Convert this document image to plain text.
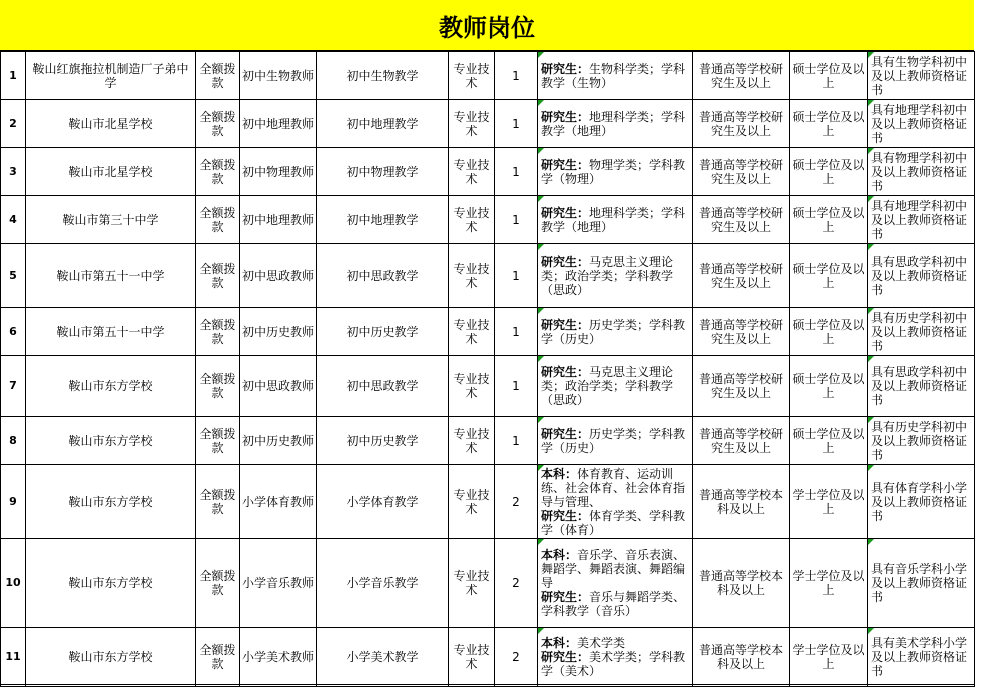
教师岗位
1	鞍山红旗拖拉机制造厂子弟中学	全额拨款	初中生物教师	初中生物教学	专业技术	1	研究生：生物科学类；学科教学（生物）	普通高等学校研究生及以上	硕士学位及以上	具有生物学科初中及以上教师资格证书
2	鞍山市北星学校	全额拨款	初中地理教师	初中地理教学	专业技术	1	研究生：地理科学类；学科教学（地理）	普通高等学校研究生及以上	硕士学位及以上	具有地理学科初中及以上教师资格证书
3	鞍山市北星学校	全额拨款	初中物理教师	初中物理教学	专业技术	1	研究生：物理学类；学科教学（物理）	普通高等学校研究生及以上	硕士学位及以上	具有物理学科初中及以上教师资格证书
4	鞍山市第三十中学	全额拨款	初中地理教师	初中地理教学	专业技术	1	研究生：地理科学类；学科教学（地理）	普通高等学校研究生及以上	硕士学位及以上	具有地理学科初中及以上教师资格证书
5	鞍山市第五十一中学	全额拨款	初中思政教师	初中思政教学	专业技术	1	研究生：马克思主义理论类；政治学类；学科教学（思政）	普通高等学校研究生及以上	硕士学位及以上	具有思政学科初中及以上教师资格证书
6	鞍山市第五十一中学	全额拨款	初中历史教师	初中历史教学	专业技术	1	研究生：历史学类；学科教学（历史）	普通高等学校研究生及以上	硕士学位及以上	具有历史学科初中及以上教师资格证书
7	鞍山市东方学校	全额拨款	初中思政教师	初中思政教学	专业技术	1	研究生：马克思主义理论类；政治学类；学科教学（思政）	普通高等学校研究生及以上	硕士学位及以上	具有思政学科初中及以上教师资格证书
8	鞍山市东方学校	全额拨款	初中历史教师	初中历史教学	专业技术	1	研究生：历史学类；学科教学（历史）	普通高等学校研究生及以上	硕士学位及以上	具有历史学科初中及以上教师资格证书
9	鞍山市东方学校	全额拨款	小学体育教师	小学体育教学	专业技术	2	本科：体育教育、运动训练、社会体育、社会体育指导与管理、
研究生：体育学类、学科教学（体育）	普通高等学校本科及以上	学士学位及以上	具有体育学科小学及以上教师资格证书
10	鞍山市东方学校	全额拨款	小学音乐教师	小学音乐教学	专业技术	2	本科：音乐学、音乐表演、舞蹈学、舞蹈表演、舞蹈编导
研究生：音乐与舞蹈学类、学科教学（音乐）	普通高等学校本科及以上	学士学位及以上	具有音乐学科小学及以上教师资格证书
11	鞍山市东方学校	全额拨款	小学美术教师	小学美术教学	专业技术	2	本科：美术学类
研究生：美术学类；学科教学（美术）	普通高等学校本科及以上	学士学位及以上	具有美术学科小学及以上教师资格证书
